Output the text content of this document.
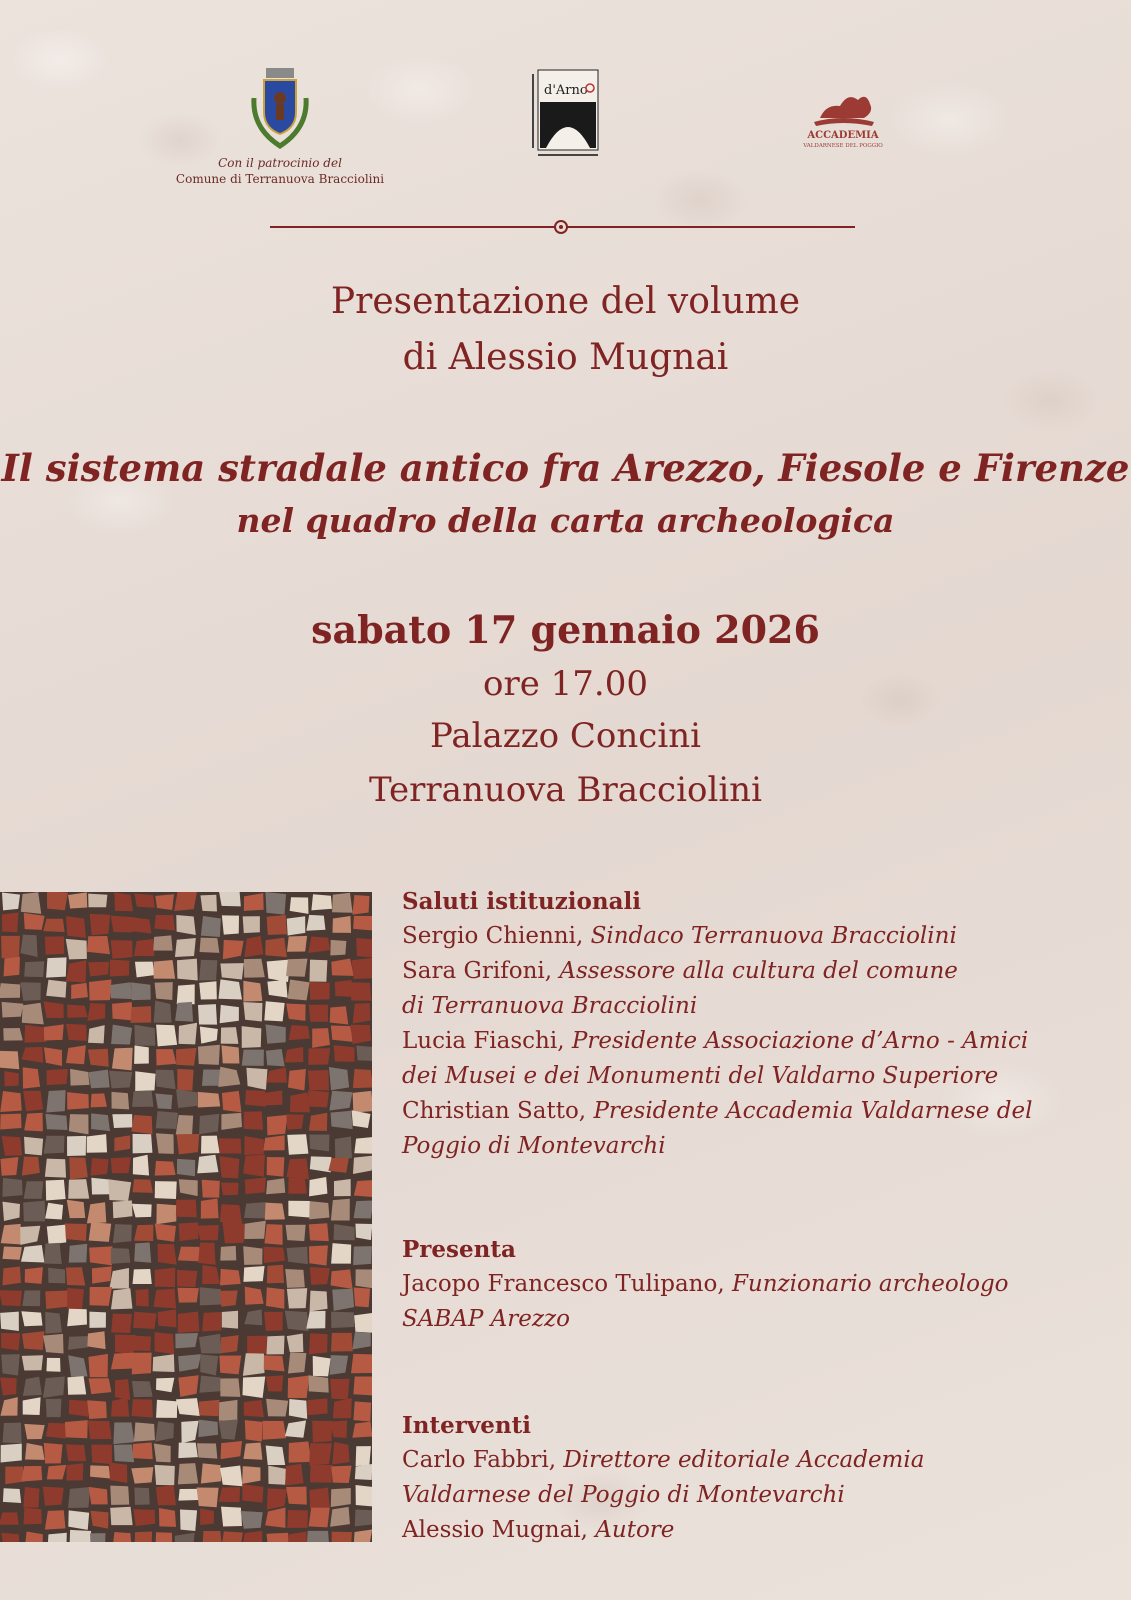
Con il patrocinio del
Comune di Terranuova Bracciolini
d'Arno
ACCADEMIA
VALDARNESE DEL POGGIO
Presentazione del volume
di Alessio Mugnai
Il sistema stradale antico fra Arezzo, Fiesole e Firenze
nel quadro della carta archeologica
sabato 17 gennaio 2026
ore 17.00
Palazzo Concini
Terranuova Bracciolini

Saluti istituzionali

Sergio Chienni, Sindaco Terranuova Bracciolini

Sara Grifoni, Assessore alla cultura del comune

di Terranuova Bracciolini

Lucia Fiaschi, Presidente Associazione d’Arno - Amici

dei Musei e dei Monumenti del Valdarno Superiore

Christian Satto, Presidente Accademia Valdarnese del

Poggio di Montevarchi

Presenta

Jacopo Francesco Tulipano, Funzionario archeologo

SABAP Arezzo

Interventi

Carlo Fabbri, Direttore editoriale Accademia

Valdarnese del Poggio di Montevarchi

Alessio Mugnai, Autore
